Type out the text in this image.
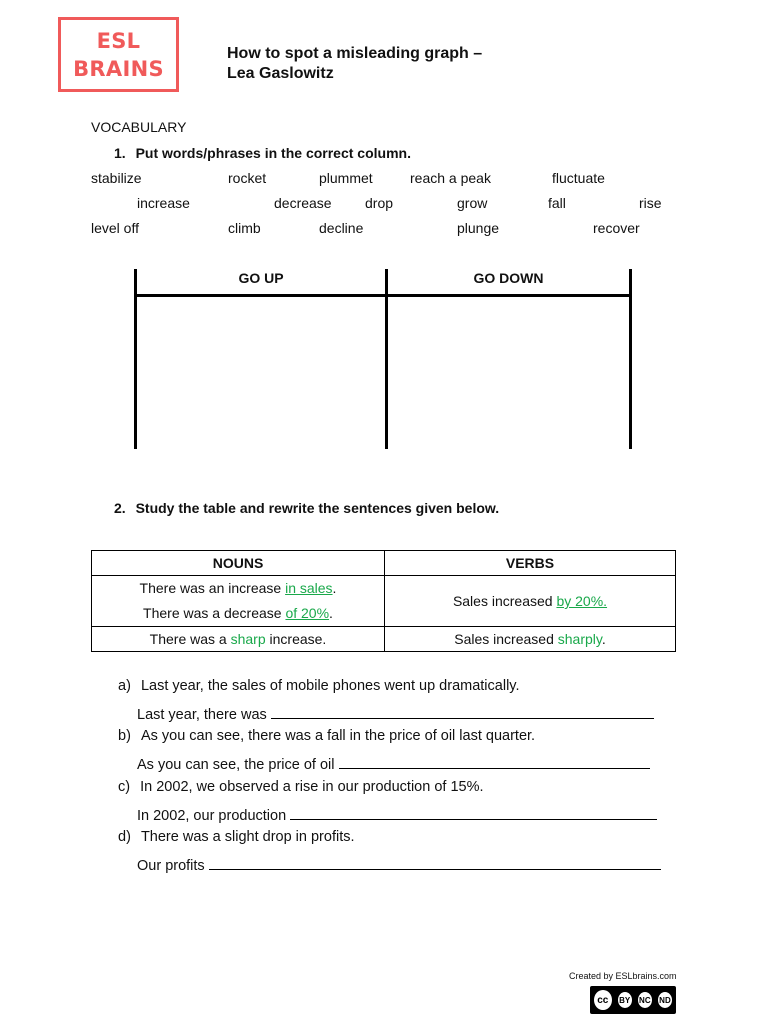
ESL
BRAINS
How to spot a misleading graph –
Lea Gaslowitz
VOCABULARY
1. Put words/phrases in the correct column.
stabilize	rocket	plummet	reach a peak	fluctuate
increase	decrease drop	grow	fall	rise
level off	climb	decline	plunge	recover
GO UP	GO DOWN
2. Study the table and rewrite the sentences given below.
NOUNS	VERBS

There was an increase in sales.
There was a decrease of 20%.	Sales increased by 20%.
There was a sharp increase.	Sales increased sharply.
a) Last year, the sales of mobile phones went up dramatically.
Last year, there was
b) As you can see, there was a fall in the price of oil last quarter.
As you can see, the price of oil
c) In 2002, we observed a rise in our production of 15%.
In 2002, our production
d) There was a slight drop in profits.
Our profits
Created by ESLbrains.com
cc	BY	NC	ND
